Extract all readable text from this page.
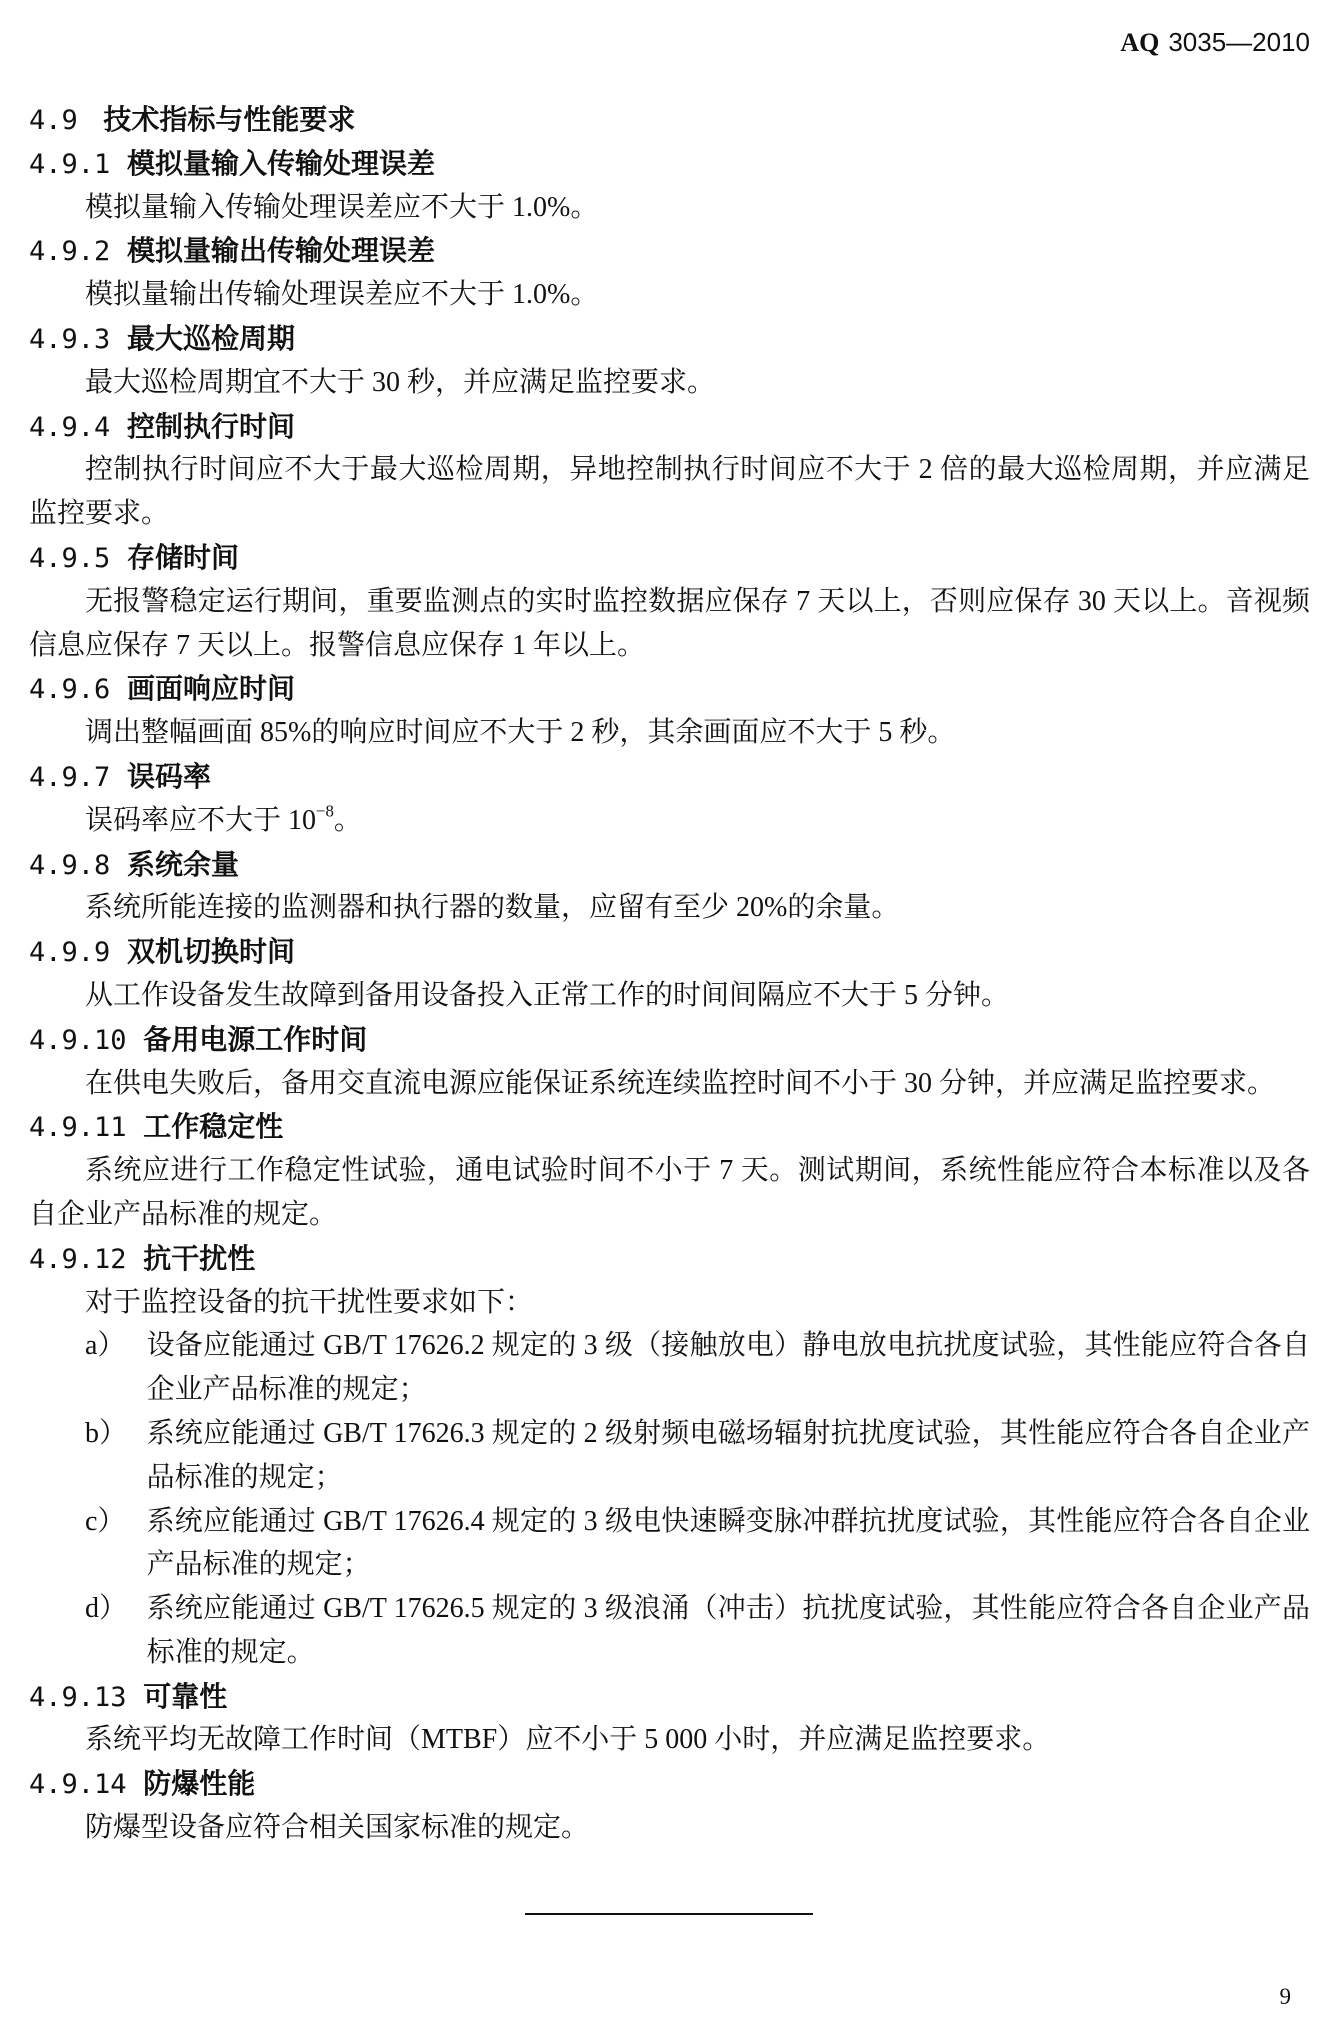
AQ 3035—2010
4.9 技术指标与性能要求
4.9.1 模拟量输入传输处理误差

模拟量输入传输处理误差应不大于 1.0%。

4.9.2 模拟量输出传输处理误差

模拟量输出传输处理误差应不大于 1.0%。

4.9.3 最大巡检周期

最大巡检周期宜不大于 30 秒，并应满足监控要求。

4.9.4 控制执行时间

控制执行时间应不大于最大巡检周期，异地控制执行时间应不大于 2 倍的最大巡检周期，并应满足监控要求。

4.9.5 存储时间

无报警稳定运行期间，重要监测点的实时监控数据应保存 7 天以上，否则应保存 30 天以上。音视频信息应保存 7 天以上。报警信息应保存 1 年以上。

4.9.6 画面响应时间

调出整幅画面 85%的响应时间应不大于 2 秒，其余画面应不大于 5 秒。

4.9.7 误码率

误码率应不大于 $10^{-8}$。

4.9.8 系统余量

系统所能连接的监测器和执行器的数量，应留有至少 20%的余量。

4.9.9 双机切换时间

从工作设备发生故障到备用设备投入正常工作的时间间隔应不大于 5 分钟。

4.9.10 备用电源工作时间

在供电失败后，备用交直流电源应能保证系统连续监控时间不小于 30 分钟，并应满足监控要求。

4.9.11 工作稳定性

系统应进行工作稳定性试验，通电试验时间不小于 7 天。测试期间，系统性能应符合本标准以及各自企业产品标准的规定。

4.9.12 抗干扰性

对于监控设备的抗干扰性要求如下：

a） 设备应能通过 GB/T 17626.2 规定的 3 级（接触放电）静电放电抗扰度试验，其性能应符合各自企业产品标准的规定；
b） 系统应能通过 GB/T 17626.3 规定的 2 级射频电磁场辐射抗扰度试验，其性能应符合各自企业产品标准的规定；
c） 系统应能通过 GB/T 17626.4 规定的 3 级电快速瞬变脉冲群抗扰度试验，其性能应符合各自企业产品标准的规定；
d） 系统应能通过 GB/T 17626.5 规定的 3 级浪涌（冲击）抗扰度试验，其性能应符合各自企业产品标准的规定。
4.9.13 可靠性

系统平均无故障工作时间（MTBF）应不小于 5 000 小时，并应满足监控要求。

4.9.14 防爆性能

防爆型设备应符合相关国家标准的规定。

9
